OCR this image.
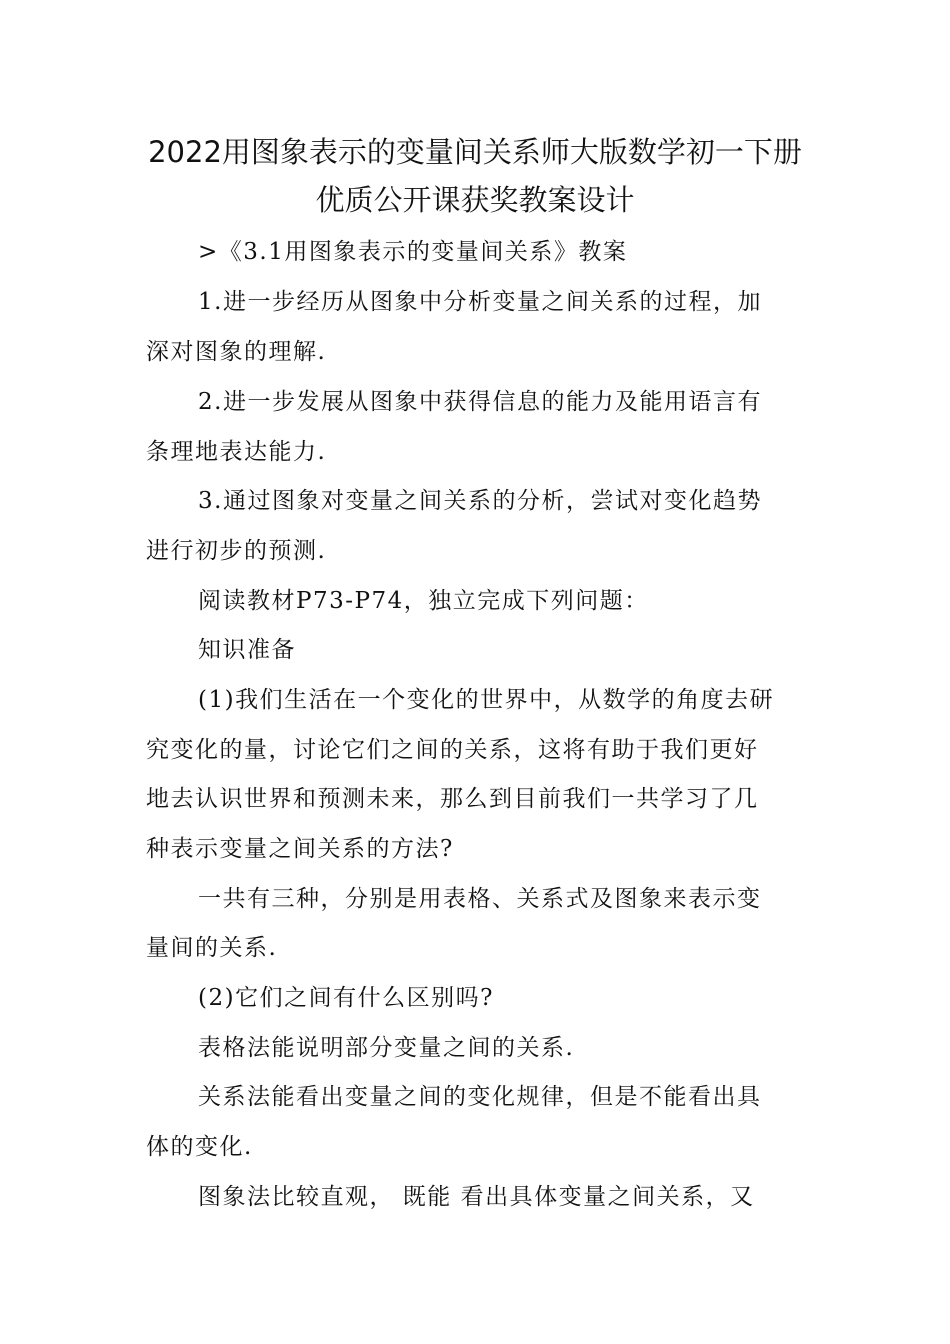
2022用图象表示的变量间关系师大版数学初一下册
优质公开课获奖教案设计

>《3.1用图象表示的变量间关系》教案

1.进一步经历从图象中分析变量之间关系的过程，加

深对图象的理解.

2.进一步发展从图象中获得信息的能力及能用语言有

条理地表达能力.

3.通过图象对变量之间关系的分析，尝试对变化趋势

进行初步的预测.

阅读教材P73-P74，独立完成下列问题：

知识准备

(1)我们生活在一个变化的世界中，从数学的角度去研

究变化的量，讨论它们之间的关系，这将有助于我们更好

地去认识世界和预测未来，那么到目前我们一共学习了几

种表示变量之间关系的方法?

一共有三种，分别是用表格、关系式及图象来表示变

量间的关系.

(2)它们之间有什么区别吗?

表格法能说明部分变量之间的关系.

关系法能看出变量之间的变化规律，但是不能看出具

体的变化.

图象法比较直观， 既能 看出具体变量之间关系，又
